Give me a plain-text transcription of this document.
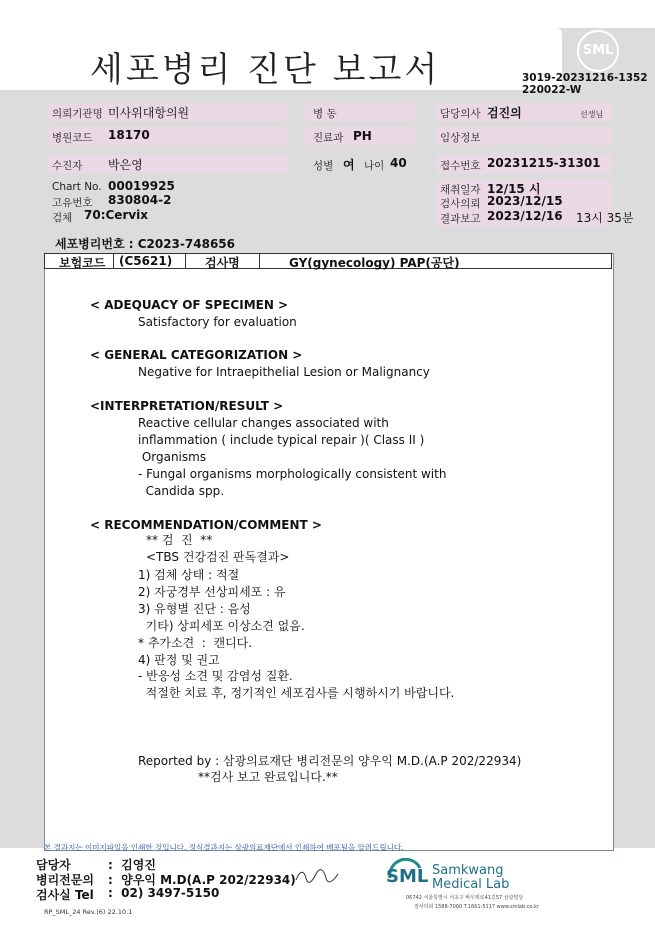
세포병리 진단 보고서	SML
3019-20231216-1352
220022-W
의뢰기관명 미사위대항의원	병 동	담당의사 검진의	선생님
병원코드 18170	진료과 PH	임상정보
수진자 박은영	성별 여 나이 40	접수번호 20231215-31301
Chart No. 00019925
고유번호 830804-2
검체 70:Cervix
채취일자 12/15 시
검사의뢰 2023/12/15
결과보고 2023/12/16 13시 35분
세포병리번호 : C2023-748656
보험코드 (C5621)	검사명	GY(gynecology) PAP(공단)
< ADEQUACY OF SPECIMEN >
Satisfactory for evaluation
< GENERAL CATEGORIZATION >
Negative for Intraepithelial Lesion or Malignancy
<INTERPRETATION/RESULT >
Reactive cellular changes associated with
inflammation ( include typical repair )( Class II )
Organisms
- Fungal organisms morphologically consistent with
Candida spp.
< RECOMMENDATION/COMMENT >
** 검  진  **
<TBS 건강검진 판독결과>
1) 검체 상태 : 적절
2) 자궁경부 선상피세포 : 유
3) 유형별 진단 : 음성
기타) 상피세포 이상소견 없음.
* 추가소견  :  캔디다.
4) 판정 및 권고
- 반응성 소견 및 감염성 질환.
적절한 치료 후, 정기적인 세포검사를 시행하시기 바랍니다.
Reported by : 삼광의료재단 병리전문의 양우익 M.D.(A.P 202/22934)
**검사 보고 완료입니다.**
본 결과지는 이미지파일을 인쇄한 것입니다. 정식결과지는 삼광의료재단에서 인쇄하여 배포됨을 알려드립니다.
담당자	:  김영진
병리전문의 :  양우익 M.D(A.P 202/22934)
검사실 Tel :  02) 3497-5150
RP_SML_24 Rev.(6) 22.10.1
SML Samkwang
Medical Lab
06742 서울특별시 서초구 바우뫼로41길57 삼광빌딩
검사의뢰 1588-7000 T.1661-5117 www.smlab.co.kr
